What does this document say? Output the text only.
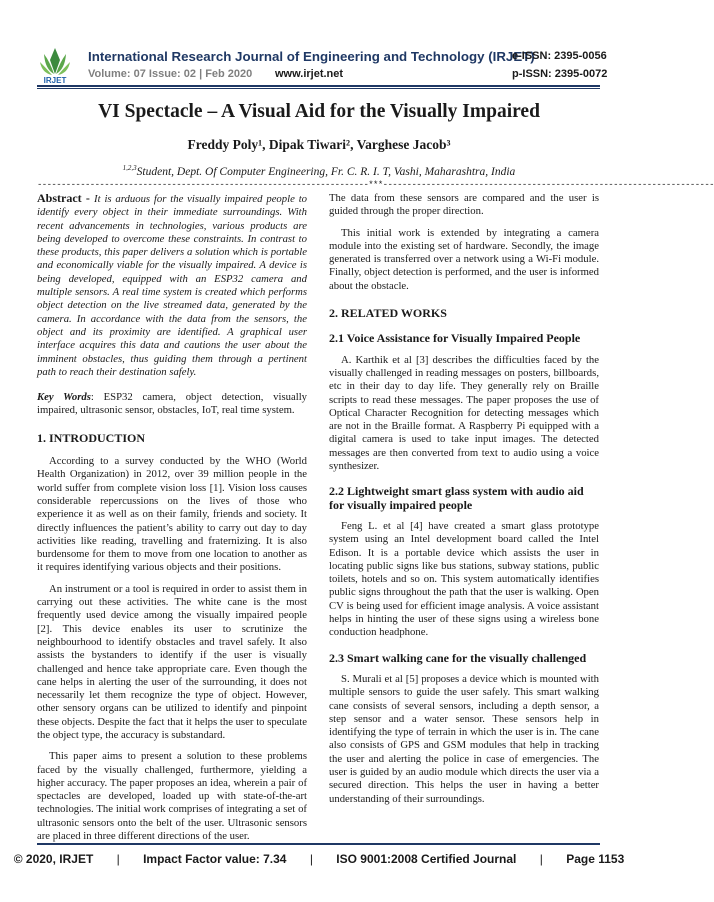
IRJET
International Research Journal of Engineering and Technology (IRJET)
e-ISSN: 2395-0056
Volume: 07 Issue: 02 | Feb 2020 www.irjet.net	p-ISSN: 2395-0072
VI Spectacle – A Visual Aid for the Visually Impaired
Freddy Poly¹, Dipak Tiwari², Varghese Jacob³
$^{1,2,3}$Student, Dept. Of Computer Engineering, Fr. C. R. I. T, Vashi, Maharashtra, India
---------------------------------------------------------------------***---------------------------------------------------------------------

Abstract - It is arduous for the visually impaired people to identify every object in their immediate surroundings. With recent advancements in technologies, various products are being developed to overcome these constraints. In contrast to these products, this paper delivers a solution which is portable and economically viable for the visually impaired. A device is being developed, equipped with an ESP32 camera and multiple sensors. A real time system is created which performs object detection on the live streamed data, generated by the camera. In accordance with the data from the sensors, the object and its proximity are identified. A graphical user interface acquires this data and cautions the user about the imminent obstacles, thus guiding them through a pertinent path to reach their destination safely.

Key Words: ESP32 camera, object detection, visually impaired, ultrasonic sensor, obstacles, IoT, real time system.

1. INTRODUCTION

According to a survey conducted by the WHO (World Health Organization) in 2012, over 39 million people in the world suffer from complete vision loss [1]. Vision loss causes considerable repercussions on the lives of those who experience it as well as on their family, friends and society. It directly influences the patient’s ability to carry out day to day activities like reading, travelling and fraternizing. It is also burdensome for them to move from one location to another as it requires identifying various objects and their positions.

An instrument or a tool is required in order to assist them in carrying out these activities. The white cane is the most frequently used device among the visually impaired people [2]. This device enables its user to scrutinize the neighbourhood to identify obstacles and travel safely. It also assists the bystanders to identify if the user is visually challenged and hence take appropriate care. Even though the cane helps in alerting the user of the surrounding, it does not necessarily let them recognize the type of object. However, other sensory organs can be utilized to identify and pinpoint these objects. Despite the fact that it helps the user to speculate the object type, the accuracy is substandard.

This paper aims to present a solution to these problems faced by the visually challenged, furthermore, yielding a higher accuracy. The paper proposes an idea, wherein a pair of spectacles are developed, loaded up with state-of-the-art technologies. The initial work comprises of integrating a set of ultrasonic sensors onto the belt of the user. Ultrasonic sensors are placed in three different directions of the user.

The data from these sensors are compared and the user is guided through the proper direction.

This initial work is extended by integrating a camera module into the existing set of hardware. Secondly, the image generated is transferred over a network using a Wi-Fi module. Finally, object detection is performed, and the user is informed about the obstacle.

2. RELATED WORKS
2.1 Voice Assistance for Visually Impaired People

A. Karthik et al [3] describes the difficulties faced by the visually challenged in reading messages on posters, billboards, etc in their day to day life. They generally rely on Braille scripts to read these messages. The paper proposes the use of Optical Character Recognition for detecting messages which are not in the Braille format. A Raspberry Pi equipped with a digital camera is used to take input images. The detected messages are then converted from text to audio using a voice synthesizer.

2.2 Lightweight smart glass system with audio aid for visually impaired people

Feng L. et al [4] have created a smart glass prototype system using an Intel development board called the Intel Edison. It is a portable device which assists the user in locating public signs like bus stations, subway stations, public toilets, hotels and so on. This system automatically identifies public signs throughout the path that the user is walking. Open CV is being used for efficient image analysis. A voice assistant helps in hinting the user of these signs using a wireless bone conduction headphone.

2.3 Smart walking cane for the visually challenged

S. Murali et al [5] proposes a device which is mounted with multiple sensors to guide the user safely. This smart walking cane consists of several sensors, including a depth sensor, a step sensor and a water sensor. These sensors help in identifying the type of terrain in which the user is in. The cane also consists of GPS and GSM modules that help in tracking the user and alerting the police in case of emergencies. The user is guided by an audio module which directs the user via a secured direction. This helps the user in having a better understanding of their surroundings.

© 2020, IRJET | Impact Factor value: 7.34 | ISO 9001:2008 Certified Journal | Page 1153
